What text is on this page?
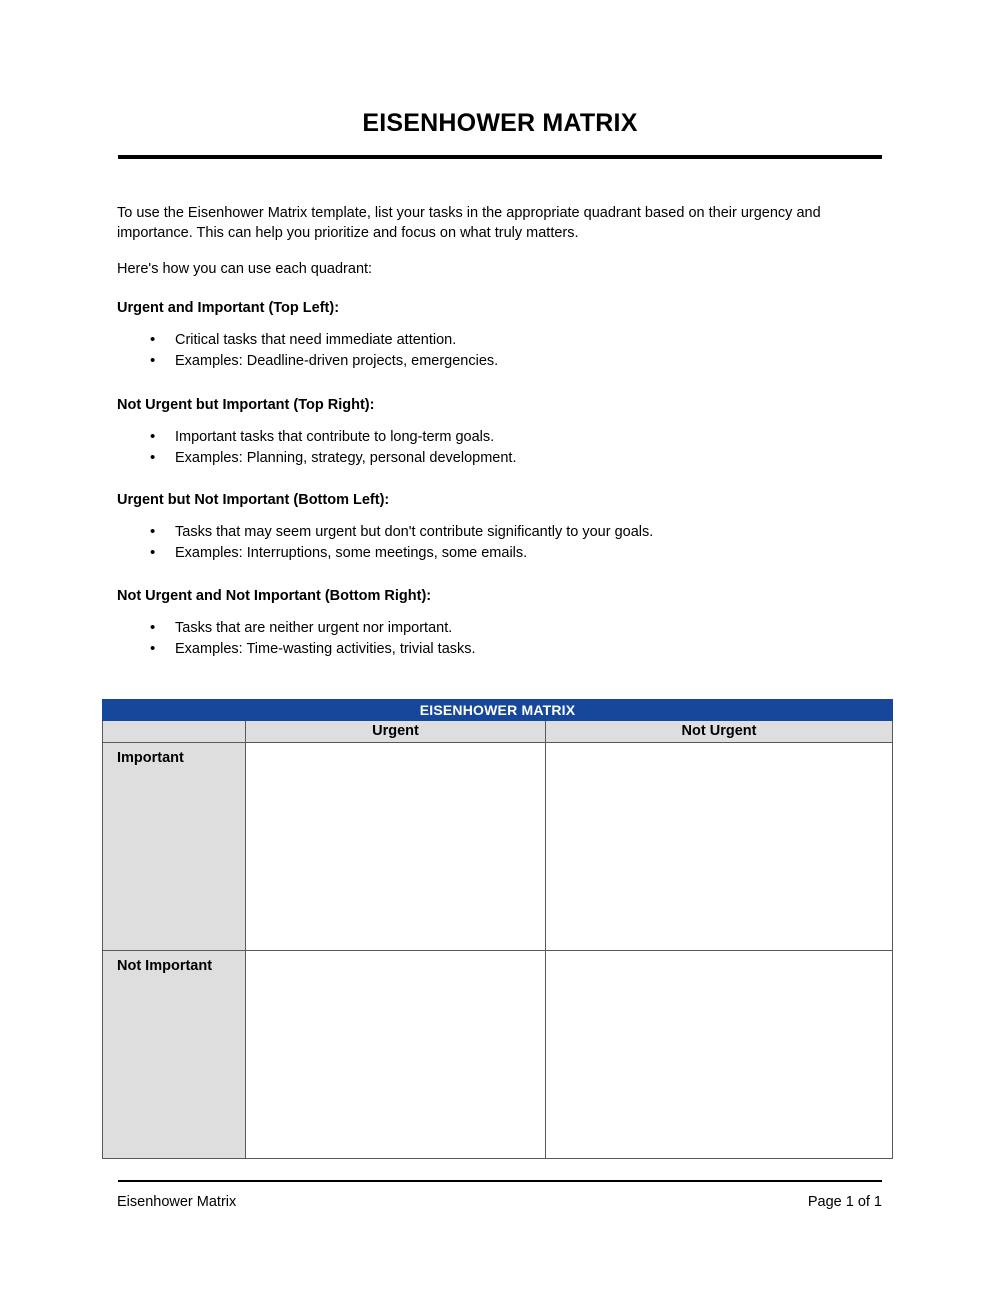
EISENHOWER MATRIX
To use the Eisenhower Matrix template, list your tasks in the appropriate quadrant based on their urgency and importance. This can help you prioritize and focus on what truly matters.
Here's how you can use each quadrant:

Urgent and Important (Top Left):

• Critical tasks that need immediate attention.
• Examples: Deadline-driven projects, emergencies.

Not Urgent but Important (Top Right):

• Important tasks that contribute to long-term goals.
• Examples: Planning, strategy, personal development.

Urgent but Not Important (Bottom Left):

• Tasks that may seem urgent but don't contribute significantly to your goals.
• Examples: Interruptions, some meetings, some emails.

Not Urgent and Not Important (Bottom Right):

• Tasks that are neither urgent nor important.
• Examples: Time-wasting activities, trivial tasks.
EISENHOWER MATRIX		
	Urgent	Not Urgent
Important		
Not Important		
Eisenhower Matrix	Page 1 of 1
